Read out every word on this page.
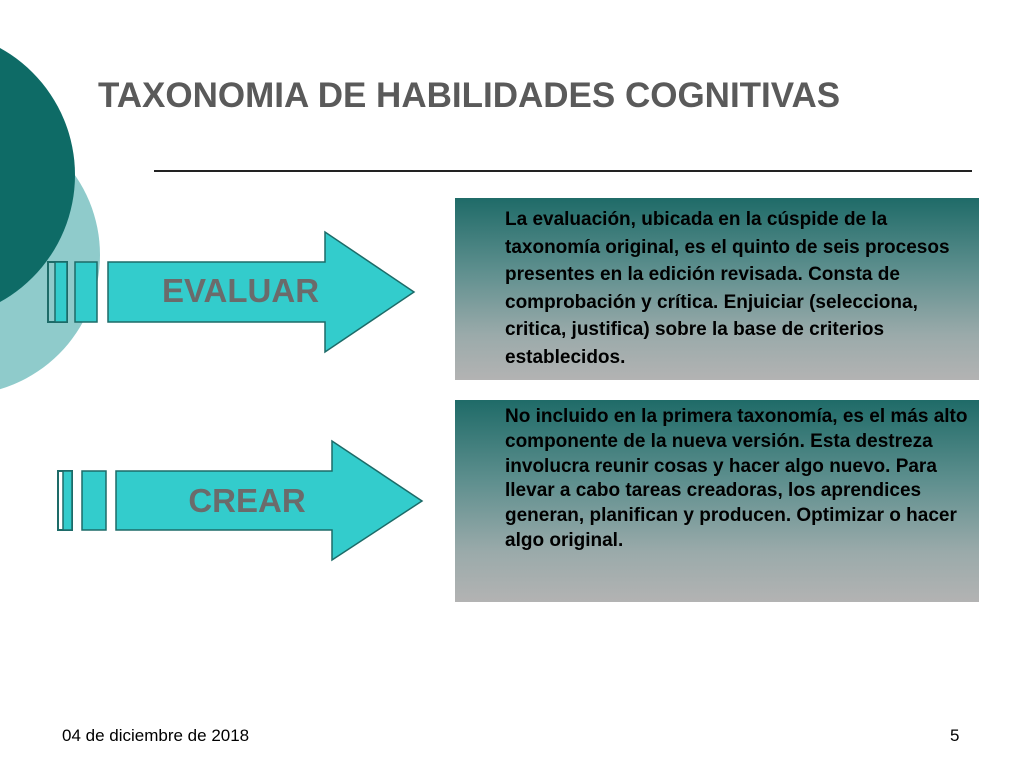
TAXONOMIA DE HABILIDADES COGNITIVAS
EVALUAR
CREAR

La evaluación, ubicada en la cúspide de la taxonomía original, es el quinto de seis procesos presentes en la edición revisada. Consta de comprobación y crítica. Enjuiciar (selecciona, critica, justifica) sobre la base de criterios establecidos.

No incluido en la primera taxonomía, es el más alto componente de la nueva versión. Esta destreza involucra reunir cosas y hacer algo nuevo. Para llevar a cabo tareas creadoras, los aprendices generan, planifican y producen. Optimizar o hacer algo original.

04 de diciembre de 2018	5
